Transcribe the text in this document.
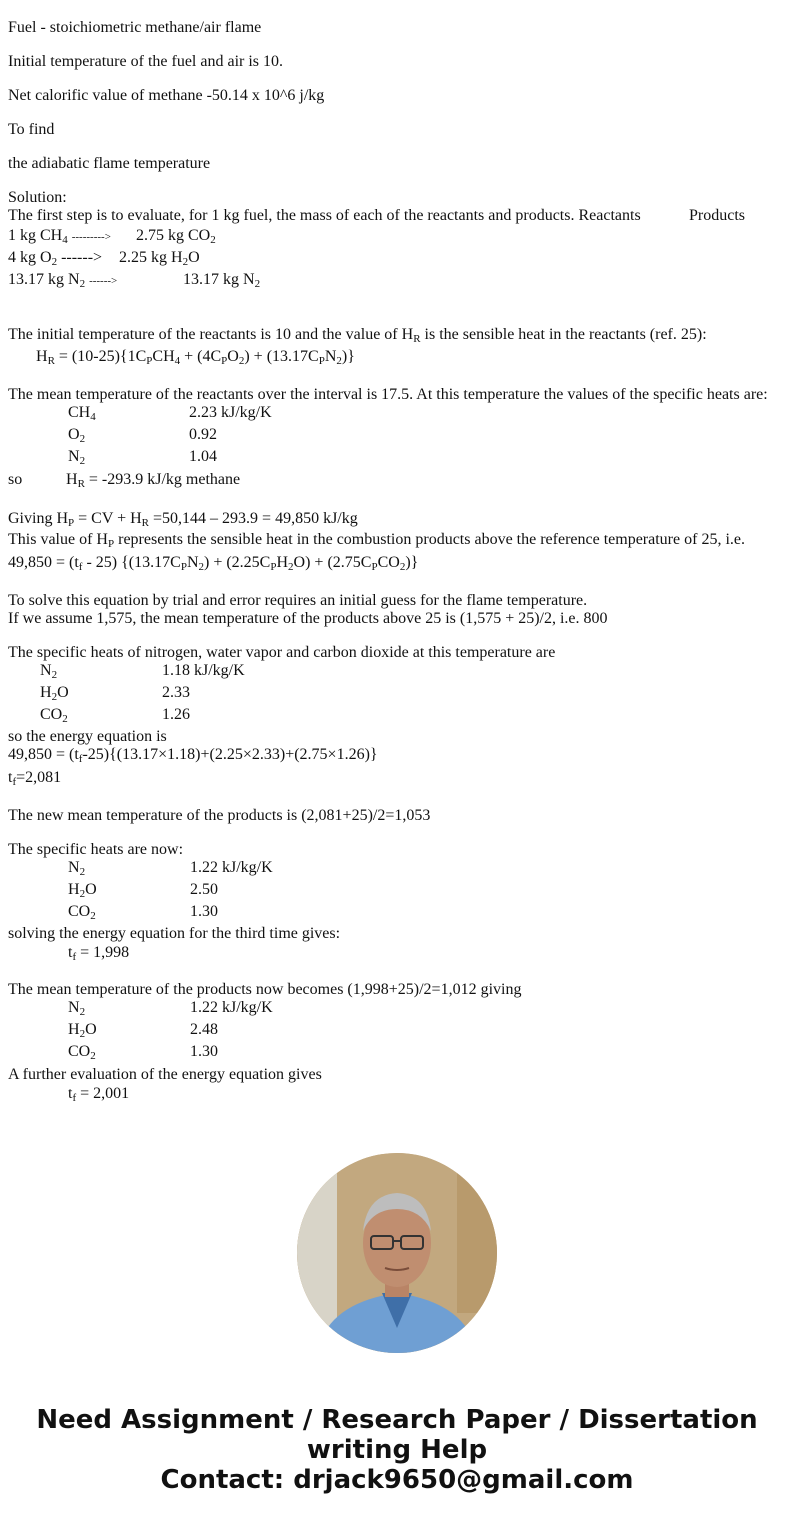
Fuel - stoichiometric methane/air flame
Initial temperature of the fuel and air is 10.
Net calorific value of methane -50.14 x 10^6 j/kg
To find
the adiabatic flame temperature
Solution:
The first step is to evaluate, for 1 kg fuel, the mass of each of the reactants and products. Reactants	Products
1 kg $CH_4$ ---------> 2.75 kg $CO_2$
4 kg $O_2$ ------> 2.25 kg $H_2O$
13.17 kg $N_2$ ------>	13.17 kg $N_2$
The initial temperature of the reactants is 10 and the value of $H_R$ is the sensible heat in the reactants (ref. 25):
$H_R = (10-25)\{1C_PCH_4 + (4C_PO_2) + (13.17C_PN_2)\}$
The mean temperature of the reactants over the interval is 17.5. At this temperature the values of the specific heats are:
$CH_4$	2.23 kJ/kg/K
$O_2$	0.92
$N_2$	1.04
so	$H_R = -293.9$ kJ/kg methane
Giving $H_P$ = CV + $H_R =50,144 - 293.9 = 49,850$ kJ/kg
This value of $H_P$ represents the sensible heat in the combustion products above the reference temperature of 25, i.e.
$49,850 = (t_f - 25) \{(13.17C_PN_2) + (2.25C_PH_2O) + (2.75C_PCO_2)\}$
To solve this equation by trial and error requires an initial guess for the flame temperature.
If we assume 1,575, the mean temperature of the products above 25 is (1,575 + 25)/2, i.e. 800
The specific heats of nitrogen, water vapor and carbon dioxide at this temperature are
$N_2$	1.18 kJ/kg/K
$H_2O$	2.33
$CO_2$	1.26
so the energy equation is
$49,850 = (t_f-25)\{(13.17\times 1.18)+(2.25\times 2.33)+(2.75\times 1.26)\}$
$t_f=2,081$
The new mean temperature of the products is (2,081+25)/2=1,053
The specific heats are now:
$N_2$	1.22 kJ/kg/K
$H_2O$	2.50
$CO_2$	1.30
solving the energy equation for the third time gives:
$t_f = 1,998$
The mean temperature of the products now becomes (1,998+25)/2=1,012 giving
$N_2$	1.22 kJ/kg/K
$H_2O$	2.48
$CO_2$	1.30
A further evaluation of the energy equation gives
$t_f = 2,001$
Need Assignment / Research Paper / Dissertation
writing Help
Contact: drjack9650@gmail.com
